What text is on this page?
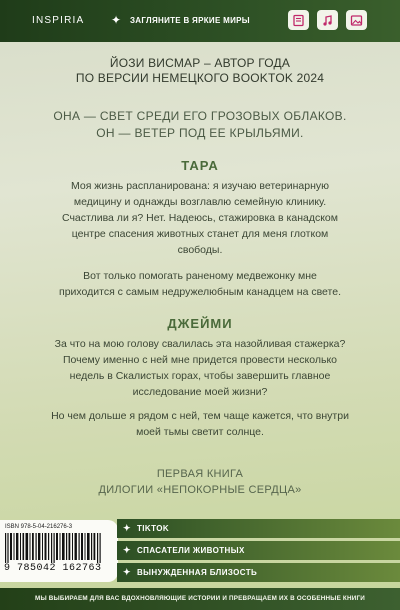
INSPIRIA ✦ ЗАГЛЯНИТЕ В ЯРКИЕ МИРЫ
ЙОЗИ ВИСМАР – АВТОР ГОДА
ПО ВЕРСИИ НЕМЕЦКОГО BOOKTOK 2024
ОНА — СВЕТ СРЕДИ ЕГО ГРОЗОВЫХ ОБЛАКОВ.
ОН — ВЕТЕР ПОД ЕЕ КРЫЛЬЯМИ.
ТАРА
Моя жизнь распланирована: я изучаю ветеринарную медицину и однажды возглавлю семейную клинику. Счастлива ли я? Нет. Надеюсь, стажировка в канадском центре спасения животных станет для меня глотком свободы.
Вот только помогать раненому медвежонку мне приходится с самым недружелюбным канадцем на свете.
ДЖЕЙМИ
За что на мою голову свалилась эта назойливая стажерка? Почему именно с ней мне придется провести несколько недель в Скалистых горах, чтобы завершить главное исследование моей жизни?
Но чем дольше я рядом с ней, тем чаще кажется, что внутри моей тьмы светит солнце.
ПЕРВАЯ КНИГА
ДИЛОГИИ «НЕПОКОРНЫЕ СЕРДЦА»
ISBN 978-5-04-216276-3
9 785042 162763
✦ TIKTOK
✦ СПАСАТЕЛИ ЖИВОТНЫХ
✦ ВЫНУЖДЕННАЯ БЛИЗОСТЬ
МЫ ВЫБИРАЕМ ДЛЯ ВАС ВДОХНОВЛЯЮЩИЕ ИСТОРИИ И ПРЕВРАЩАЕМ ИХ В ОСОБЕННЫЕ КНИГИ
